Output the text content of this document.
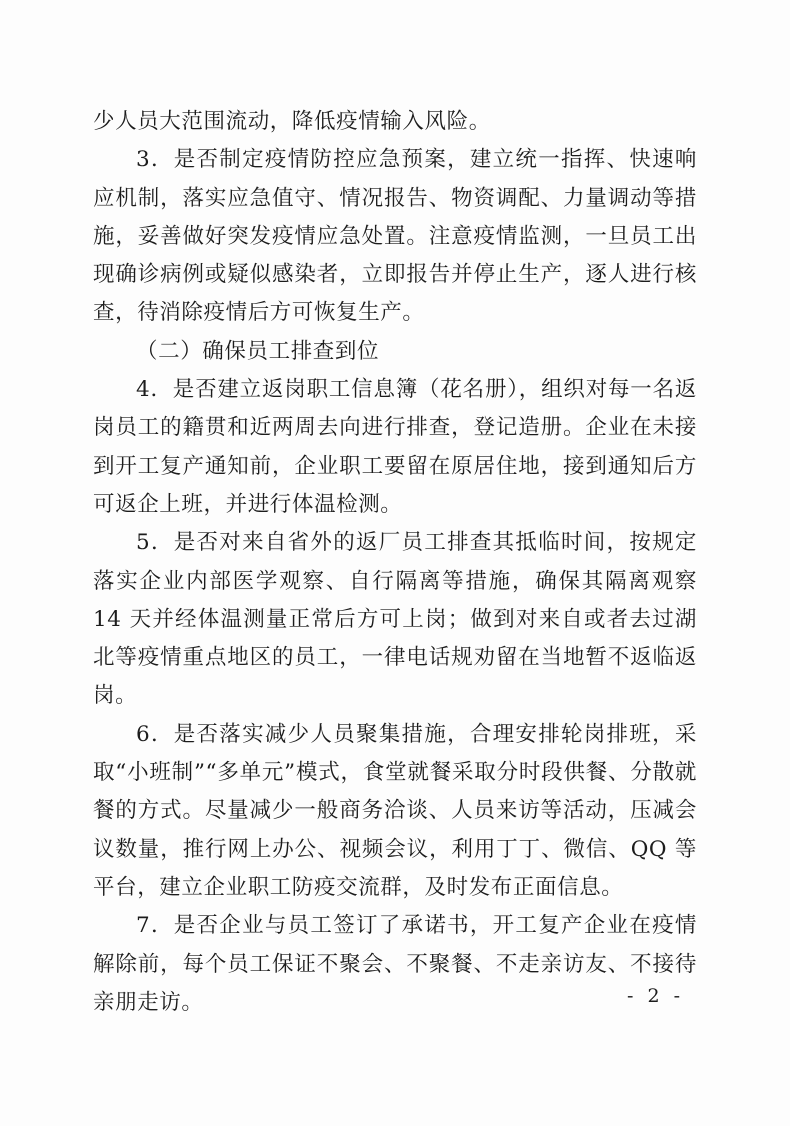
少人员大范围流动，降低疫情输入风险。

3．是否制定疫情防控应急预案，建立统一指挥、快速响应机制，落实应急值守、情况报告、物资调配、力量调动等措施，妥善做好突发疫情应急处置。注意疫情监测，一旦员工出现确诊病例或疑似感染者，立即报告并停止生产，逐人进行核查，待消除疫情后方可恢复生产。

（二）确保员工排查到位

4．是否建立返岗职工信息簿（花名册），组织对每一名返岗员工的籍贯和近两周去向进行排查，登记造册。企业在未接到开工复产通知前，企业职工要留在原居住地，接到通知后方可返企上班，并进行体温检测。

5．是否对来自省外的返厂员工排查其抵临时间，按规定落实企业内部医学观察、自行隔离等措施，确保其隔离观察 14 天并经体温测量正常后方可上岗；做到对来自或者去过湖北等疫情重点地区的员工，一律电话规劝留在当地暂不返临返岗。

6．是否落实减少人员聚集措施，合理安排轮岗排班，采取“小班制”“多单元”模式，食堂就餐采取分时段供餐、分散就餐的方式。尽量减少一般商务洽谈、人员来访等活动，压减会议数量，推行网上办公、视频会议，利用丁丁、微信、QQ 等平台，建立企业职工防疫交流群，及时发布正面信息。

7．是否企业与员工签订了承诺书，开工复产企业在疫情解除前，每个员工保证不聚会、不聚餐、不走亲访友、不接待亲朋走访。	- 2 -
